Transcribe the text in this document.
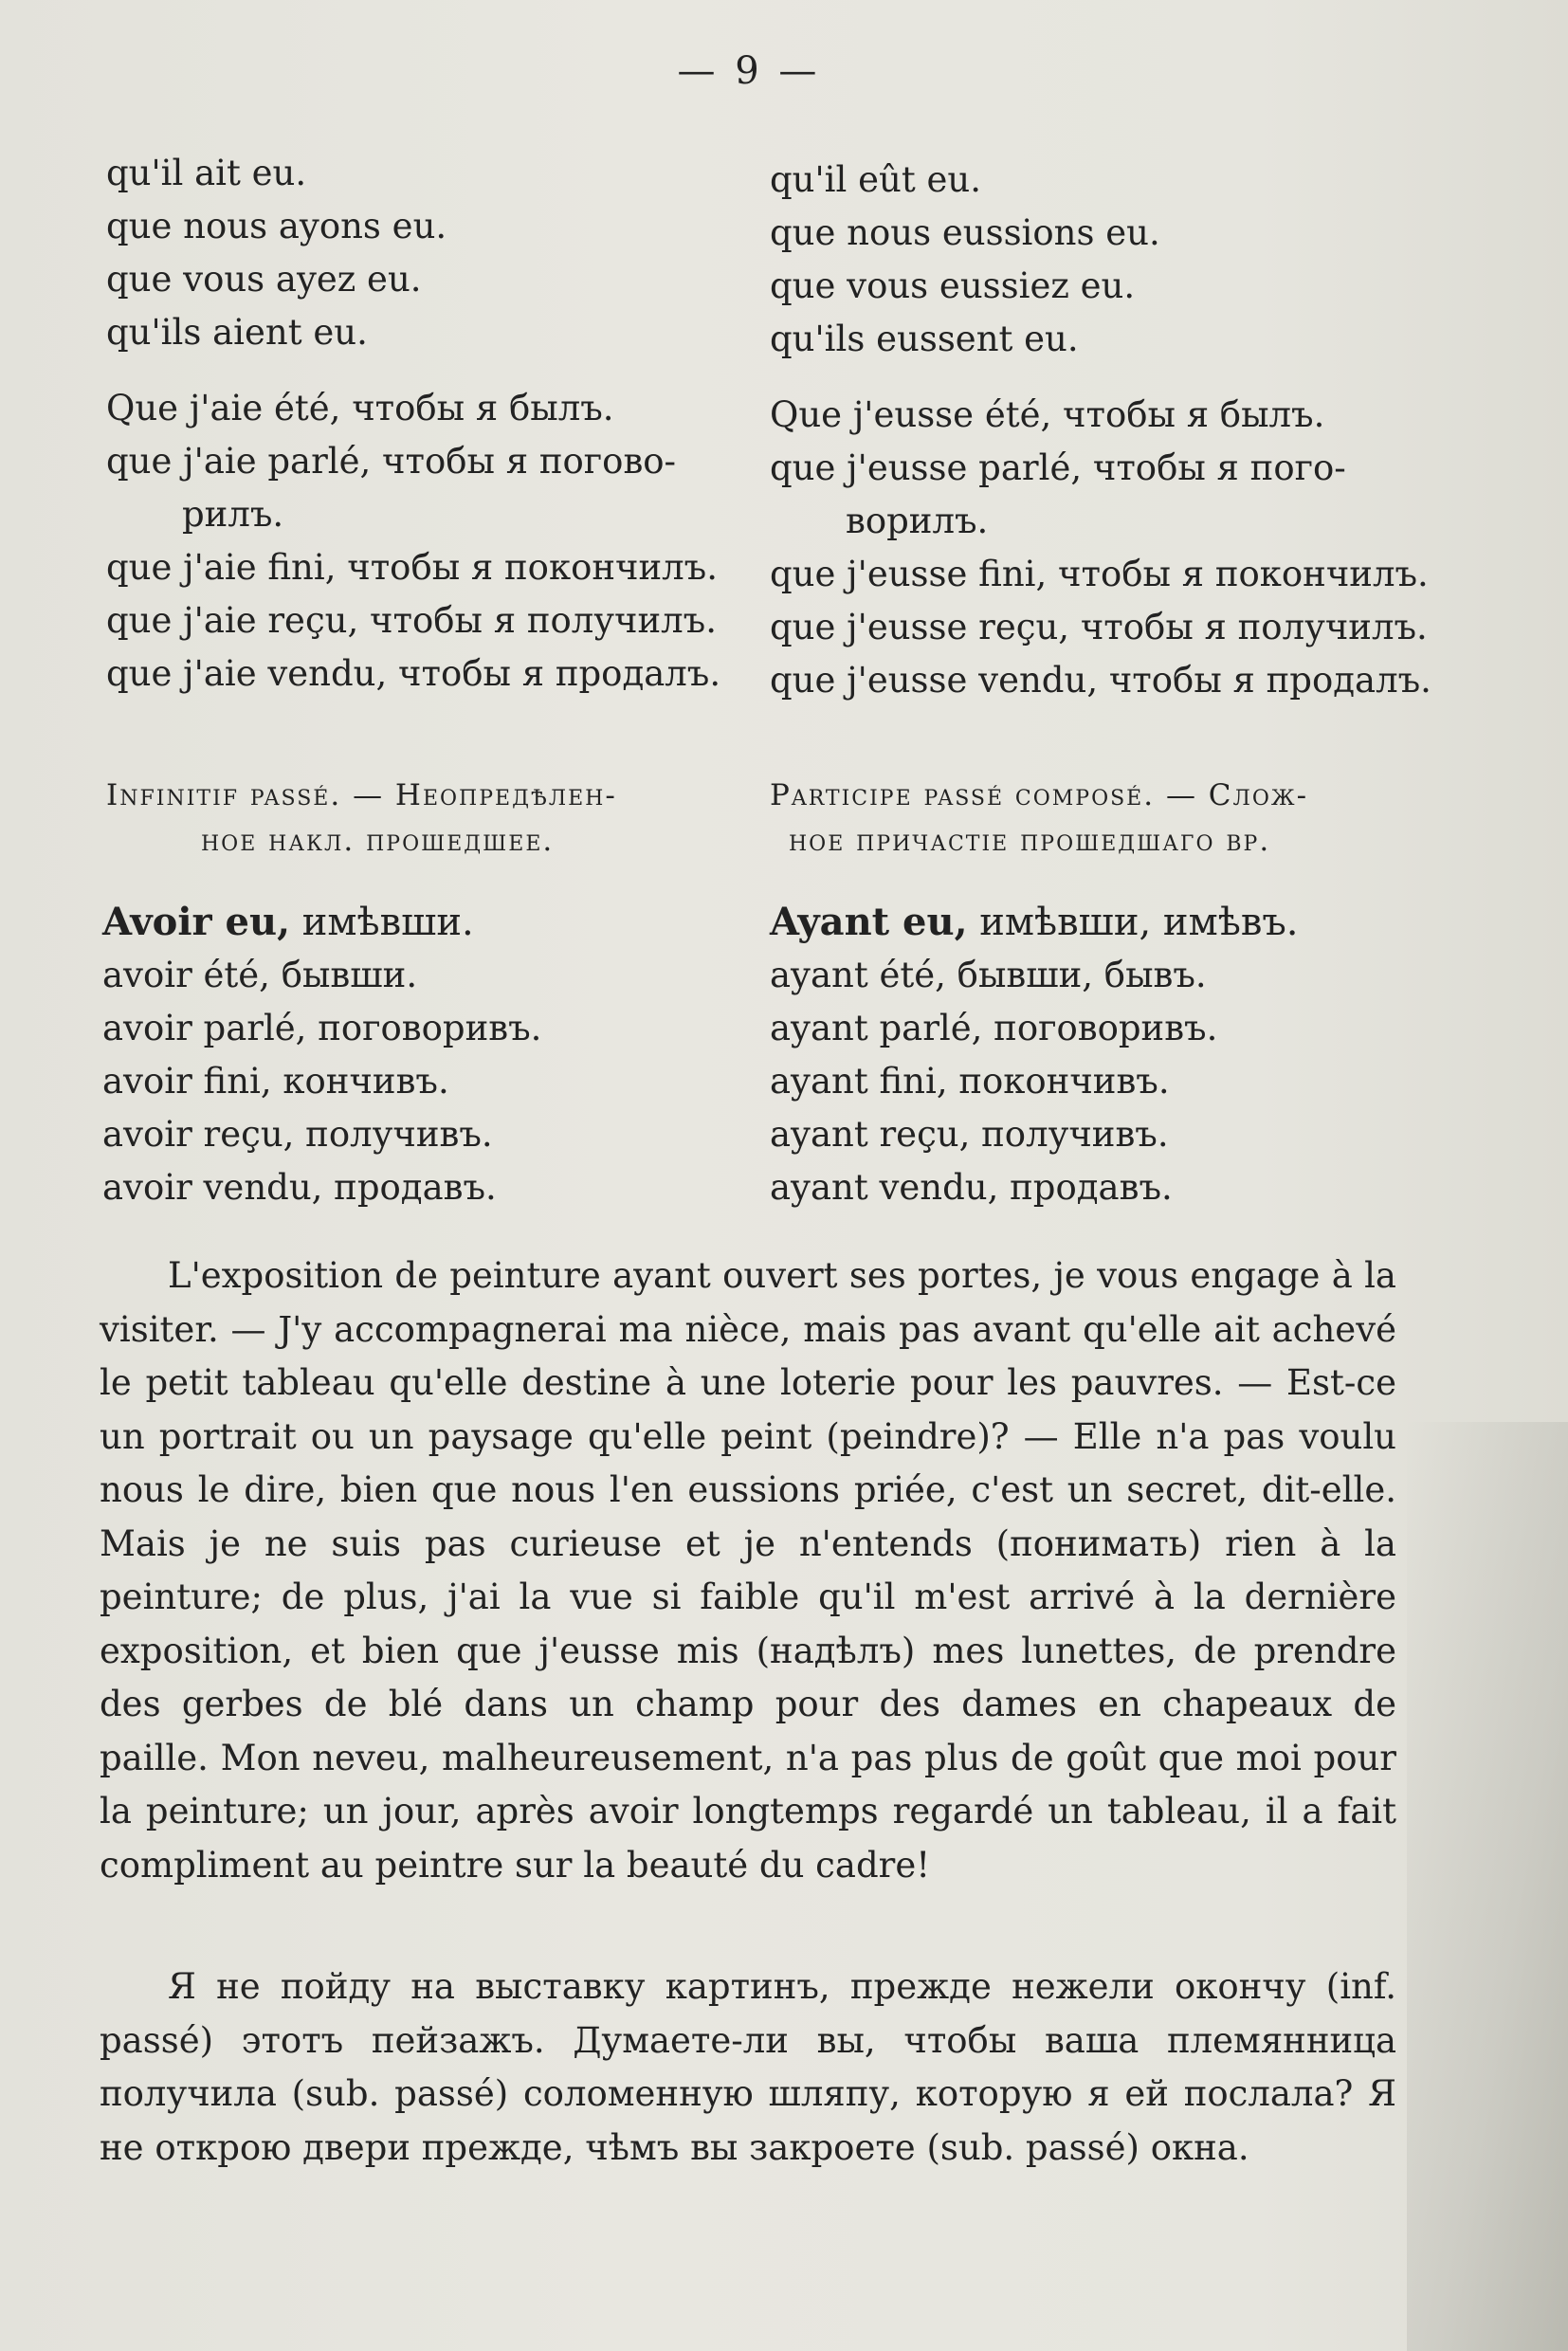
— 9 —
qu'il ait eu.
que nous ayons eu.
que vous ayez eu.
qu'ils aient eu.
Que j'aie été, чтобы я былъ.
que j'aie parlé, чтобы я погово-
рилъ.
que j'aie fini, чтобы я покончилъ.
que j'aie reçu, чтобы я получилъ.
que j'aie vendu, чтобы я продалъ.
qu'il eût eu.
que nous eussions eu.
que vous eussiez eu.
qu'ils eussent eu.
Que j'eusse été, чтобы я былъ.
que j'eusse parlé, чтобы я пого-
ворилъ.
que j'eusse fini, чтобы я покончилъ.
que j'eusse reçu, чтобы я получилъ.
que j'eusse vendu, чтобы я продалъ.
Infinitif passé. — Неопредѣлен-
ное накл. прошедшее.
Participe passé composé. — Слож-
ное причастіе прошедшаго вр.
Avoir eu, имѣвши.
avoir été, бывши.
avoir parlé, поговоривъ.
avoir fini, кончивъ.
avoir reçu, получивъ.
avoir vendu, продавъ.
Ayant eu, имѣвши, имѣвъ.
ayant été, бывши, бывъ.
ayant parlé, поговоривъ.
ayant fini, покончивъ.
ayant reçu, получивъ.
ayant vendu, продавъ.
L'exposition de peinture ayant ouvert ses portes, je vous engage à la visiter. — J'y accompagnerai ma nièce, mais pas avant qu'elle ait achevé le petit tableau qu'elle destine à une loterie pour les pauvres. — Est-ce un portrait ou un paysage qu'elle peint (peindre)? — Elle n'a pas voulu nous le dire, bien que nous l'en eussions priée, c'est un secret, dit-elle. Mais je ne suis pas curieuse et je n'entends (понимать) rien à la peinture; de plus, j'ai la vue si faible qu'il m'est arrivé à la dernière exposition, et bien que j'eusse mis (надѣлъ) mes lunettes, de prendre des gerbes de blé dans un champ pour des dames en chapeaux de paille. Mon neveu, malheureusement, n'a pas plus de goût que moi pour la peinture; un jour, après avoir longtemps regardé un tableau, il a fait compliment au peintre sur la beauté du cadre!
Я не пойду на выставку картинъ, прежде нежели окончу (inf. passé) этотъ пейзажъ. Думаете-ли вы, чтобы ваша племянница получила (sub. passé) соломенную шляпу, которую я ей послала? Я не открою двери прежде, чѣмъ вы закроете (sub. passé) окна.
